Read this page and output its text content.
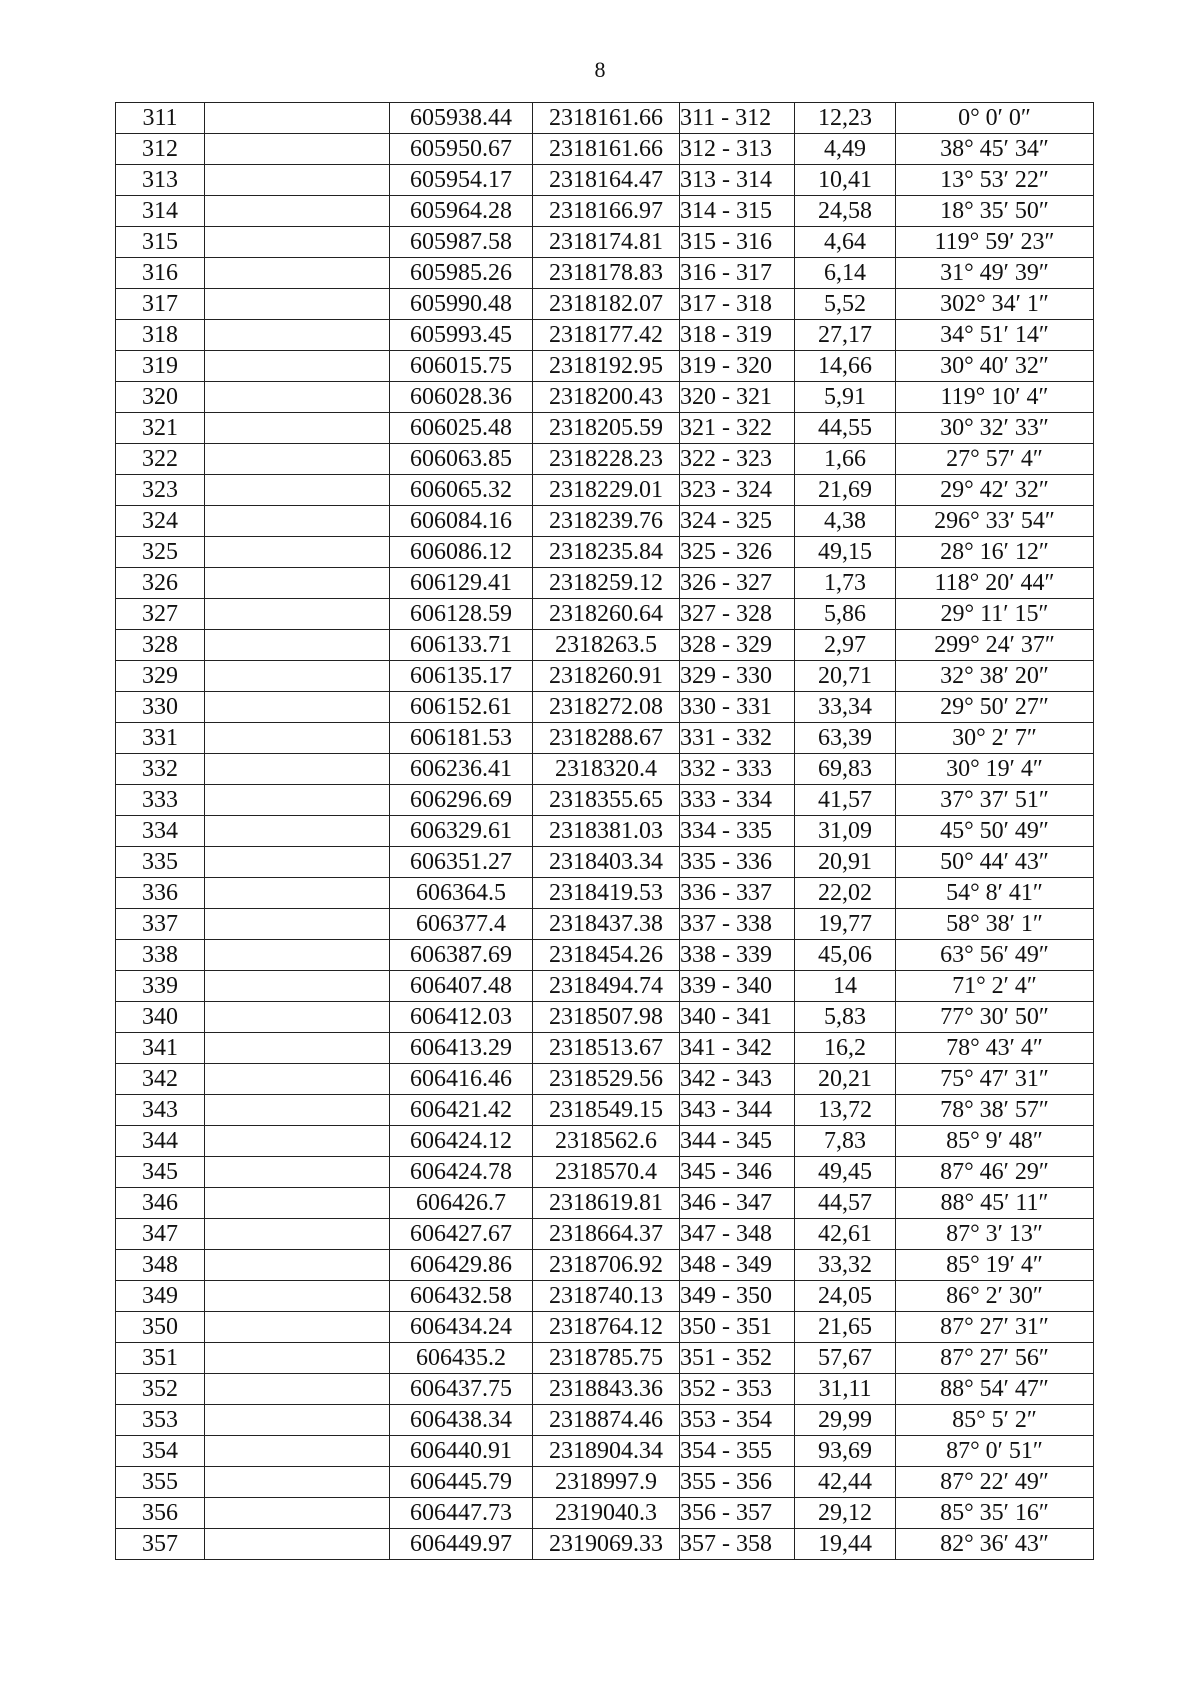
8
311		605938.44	2318161.66	311 - 312	12,23	0° 0′ 0″
312		605950.67	2318161.66	312 - 313	4,49	38° 45′ 34″
313		605954.17	2318164.47	313 - 314	10,41	13° 53′ 22″
314		605964.28	2318166.97	314 - 315	24,58	18° 35′ 50″
315		605987.58	2318174.81	315 - 316	4,64	119° 59′ 23″
316		605985.26	2318178.83	316 - 317	6,14	31° 49′ 39″
317		605990.48	2318182.07	317 - 318	5,52	302° 34′ 1″
318		605993.45	2318177.42	318 - 319	27,17	34° 51′ 14″
319		606015.75	2318192.95	319 - 320	14,66	30° 40′ 32″
320		606028.36	2318200.43	320 - 321	5,91	119° 10′ 4″
321		606025.48	2318205.59	321 - 322	44,55	30° 32′ 33″
322		606063.85	2318228.23	322 - 323	1,66	27° 57′ 4″
323		606065.32	2318229.01	323 - 324	21,69	29° 42′ 32″
324		606084.16	2318239.76	324 - 325	4,38	296° 33′ 54″
325		606086.12	2318235.84	325 - 326	49,15	28° 16′ 12″
326		606129.41	2318259.12	326 - 327	1,73	118° 20′ 44″
327		606128.59	2318260.64	327 - 328	5,86	29° 11′ 15″
328		606133.71	2318263.5	328 - 329	2,97	299° 24′ 37″
329		606135.17	2318260.91	329 - 330	20,71	32° 38′ 20″
330		606152.61	2318272.08	330 - 331	33,34	29° 50′ 27″
331		606181.53	2318288.67	331 - 332	63,39	30° 2′ 7″
332		606236.41	2318320.4	332 - 333	69,83	30° 19′ 4″
333		606296.69	2318355.65	333 - 334	41,57	37° 37′ 51″
334		606329.61	2318381.03	334 - 335	31,09	45° 50′ 49″
335		606351.27	2318403.34	335 - 336	20,91	50° 44′ 43″
336		606364.5	2318419.53	336 - 337	22,02	54° 8′ 41″
337		606377.4	2318437.38	337 - 338	19,77	58° 38′ 1″
338		606387.69	2318454.26	338 - 339	45,06	63° 56′ 49″
339		606407.48	2318494.74	339 - 340	14	71° 2′ 4″
340		606412.03	2318507.98	340 - 341	5,83	77° 30′ 50″
341		606413.29	2318513.67	341 - 342	16,2	78° 43′ 4″
342		606416.46	2318529.56	342 - 343	20,21	75° 47′ 31″
343		606421.42	2318549.15	343 - 344	13,72	78° 38′ 57″
344		606424.12	2318562.6	344 - 345	7,83	85° 9′ 48″
345		606424.78	2318570.4	345 - 346	49,45	87° 46′ 29″
346		606426.7	2318619.81	346 - 347	44,57	88° 45′ 11″
347		606427.67	2318664.37	347 - 348	42,61	87° 3′ 13″
348		606429.86	2318706.92	348 - 349	33,32	85° 19′ 4″
349		606432.58	2318740.13	349 - 350	24,05	86° 2′ 30″
350		606434.24	2318764.12	350 - 351	21,65	87° 27′ 31″
351		606435.2	2318785.75	351 - 352	57,67	87° 27′ 56″
352		606437.75	2318843.36	352 - 353	31,11	88° 54′ 47″
353		606438.34	2318874.46	353 - 354	29,99	85° 5′ 2″
354		606440.91	2318904.34	354 - 355	93,69	87° 0′ 51″
355		606445.79	2318997.9	355 - 356	42,44	87° 22′ 49″
356		606447.73	2319040.3	356 - 357	29,12	85° 35′ 16″
357		606449.97	2319069.33	357 - 358	19,44	82° 36′ 43″
